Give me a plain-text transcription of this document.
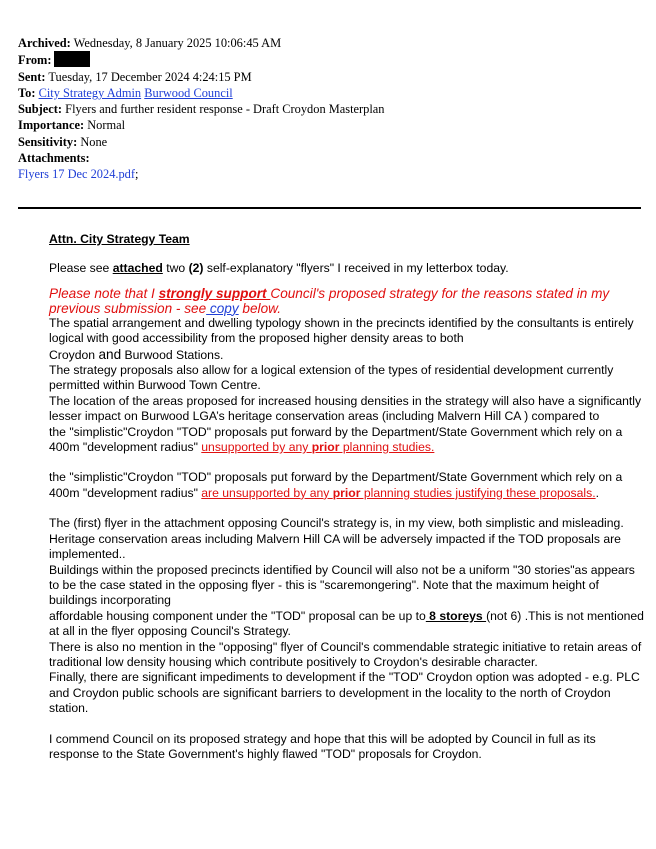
Archived: Wednesday, 8 January 2025 10:06:45 AM
From:
Sent: Tuesday, 17 December 2024 4:24:15 PM
To: City Strategy Admin Burwood Council
Subject: Flyers and further resident response - Draft Croydon Masterplan
Importance: Normal
Sensitivity: None
Attachments:
Flyers 17 Dec 2024.pdf;

Attn. City Strategy Team

Please see attached two (2) self-explanatory "flyers" I received in my letterbox today.

Please note that I strongly support Council's proposed strategy for the reasons stated in my previous submission - see copy below.

The spatial arrangement and dwelling typology shown in the precincts identified by the consultants is entirely logical with good accessibility from the proposed higher density areas to both

Croydon and Burwood Stations.

The strategy proposals also allow for a logical extension of the types of residential development currently permitted within Burwood Town Centre.

The location of the areas proposed for increased housing densities in the strategy will also have a significantly lesser impact on Burwood LGA’s heritage conservation areas (including Malvern Hill CA ) compared to

the "simplistic"Croydon "TOD" proposals put forward by the Department/State Government which rely on a 400m "development radius" unsupported by any prior planning studies.

the "simplistic"Croydon "TOD" proposals put forward by the Department/State Government which rely on a 400m "development radius" are unsupported by any prior planning studies justifying these proposals..

The (first) flyer in the attachment opposing Council's strategy is, in my view, both simplistic and misleading.

Heritage conservation areas including Malvern Hill CA will be adversely impacted if the TOD proposals are implemented..

Buildings within the proposed precincts identified by Council will also not be a uniform "30 stories"as appears to be the case stated in the opposing flyer - this is "scaremongering". Note that the maximum height of buildings incorporating

affordable housing component under the "TOD" proposal can be up to 8 storeys (not 6) .This is not mentioned at all in the flyer opposing Council's Strategy.

There is also no mention in the "opposing" flyer of Council's commendable strategic initiative to retain areas of traditional low density housing which contribute positively to Croydon's desirable character.

Finally, there are significant impediments to development if the "TOD" Croydon option was adopted - e.g. PLC and Croydon public schools are significant barriers to development in the locality to the north of Croydon station.

I commend Council on its proposed strategy and hope that this will be adopted by Council in full as its response to the State Government's highly flawed "TOD" proposals for Croydon.
